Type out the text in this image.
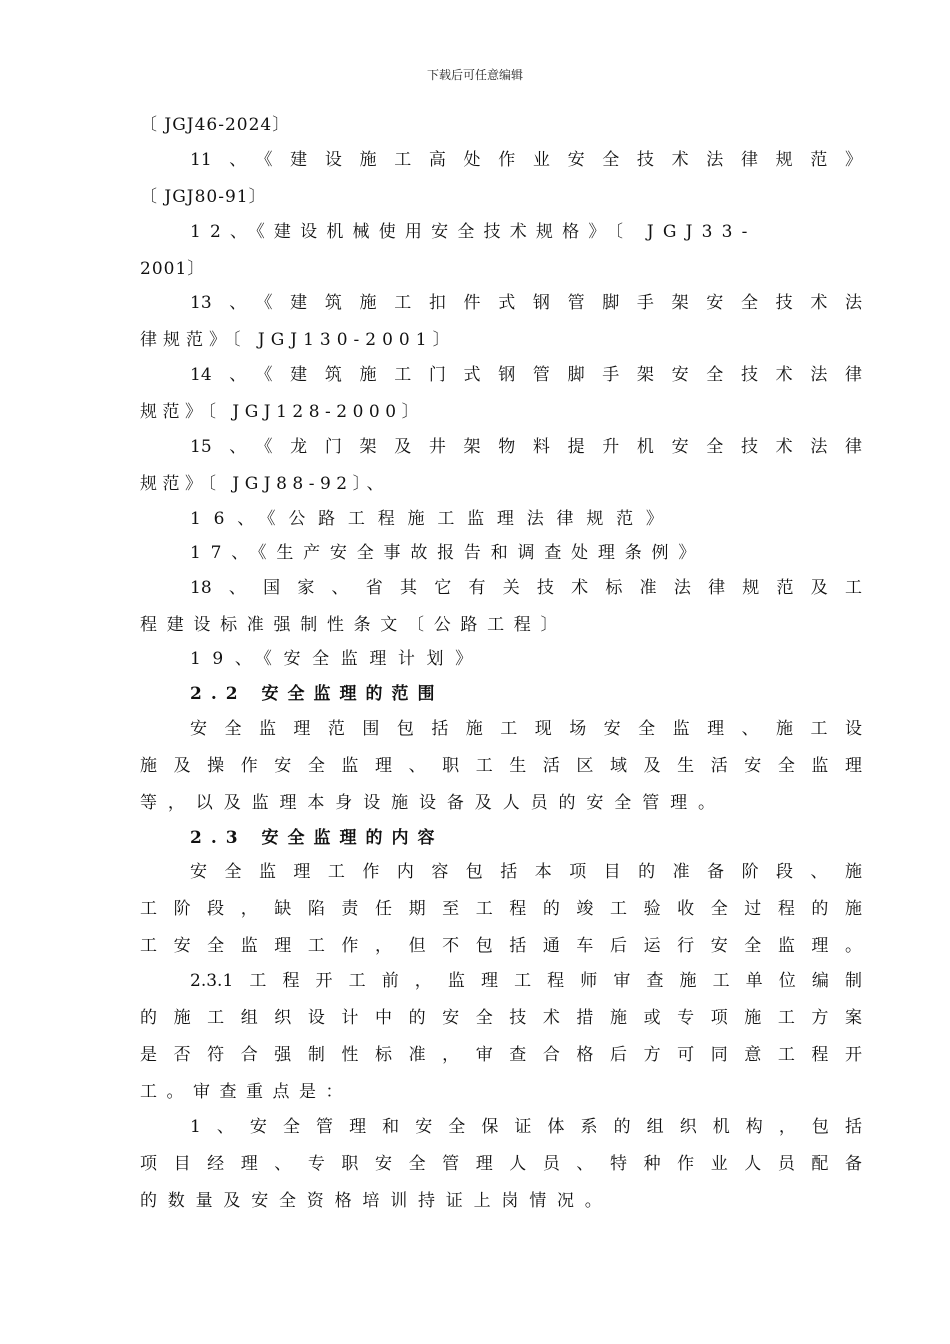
下载后可任意编辑
〔 JGJ46-2024〕
11、《建设施工高处作业安全技术法律规范》
〔 JGJ80-91〕
12、《建设机械使用安全技术规格》〔 JGJ33-
2001〕
13、《建筑施工扣件式钢管脚手架安全技术法
律规范》〔 JGJ130-2001〕
14、《建筑施工门式钢管脚手架安全技术法律
规范》〔 JGJ128-2000〕
15、《龙门架及井架物料提升机安全技术法律
规范》〔 JGJ88-92〕、
16、《公路工程施工监理法律规范》
17、《生产安全事故报告和调查处理条例》
18、国家、省其它有关技术标准法律规范及工
程建设标准强制性条文〔公路工程〕
19、《安全监理计划》
2.2 安全监理的范围
安全监理范围包括施工现场安全监理、施工设
施及操作安全监理、职工生活区域及生活安全监理
等，以及监理本身设施设备及人员的安全管理。
2.3 安全监理的内容
安全监理工作内容包括本项目的准备阶段、施
工阶段，缺陷责任期至工程的竣工验收全过程的施
工安全监理工作，但不包括通车后运行安全监理。
2.3.1工程开工前，监理工程师审查施工单位编制
的施工组织设计中的安全技术措施或专项施工方案
是否符合强制性标准，审查合格后方可同意工程开
工。审查重点是：
1、安全管理和安全保证体系的组织机构，包括
项目经理、专职安全管理人员、特种作业人员配备
的数量及安全资格培训持证上岗情况。
